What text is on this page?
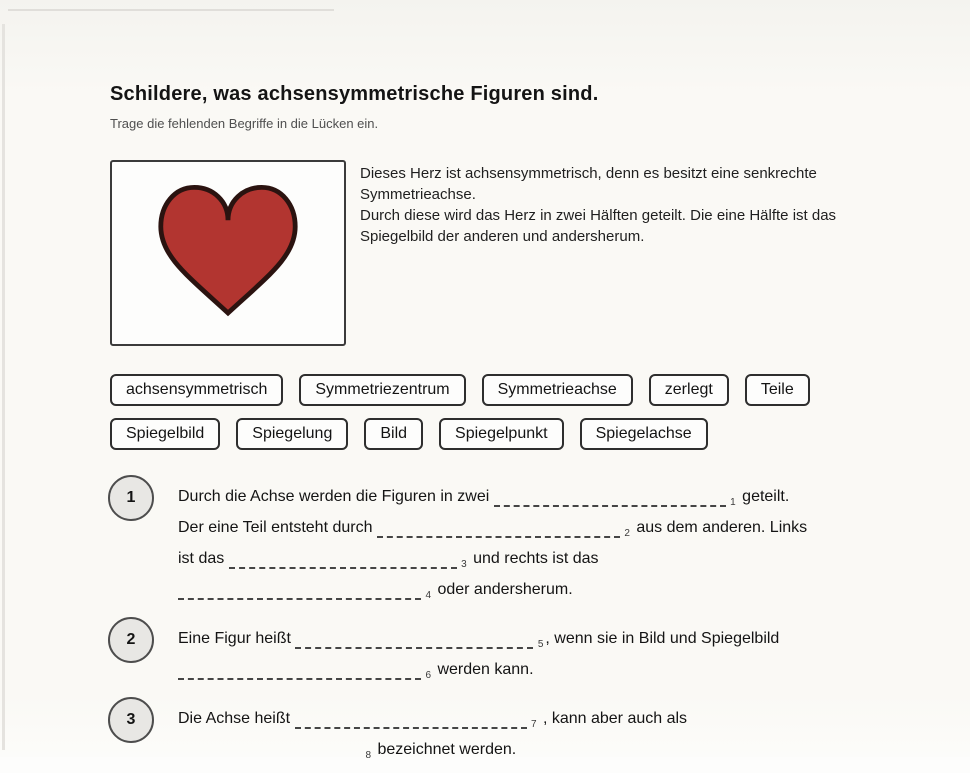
Schildere, was achsensymmetrische Figuren sind.

Trage die fehlenden Begriffe in die Lücken ein.

Dieses Herz ist achsensymmetrisch, denn es besitzt eine senkrechte
Symmetrieachse.
Durch diese wird das Herz in zwei Hälften geteilt. Die eine Hälfte ist das
Spiegelbild der anderen und andersherum.
achsensymmetrisch	Symmetriezentrum	Symmetrieachse	zerlegt	Teile
Spiegelbild	Spiegelung	Bild	Spiegelpunkt	Spiegelachse
1	Durch die Achse werden die Figuren in zwei	1 geteilt.
Der eine Teil entsteht durch	2 aus dem anderen. Links
ist das	3 und rechts ist das
4 oder andersherum.
2	Eine Figur heißt	5 , wenn sie in Bild und Spiegelbild
6 werden kann.
3	Die Achse heißt	7 , kann aber auch als
8 bezeichnet werden.
